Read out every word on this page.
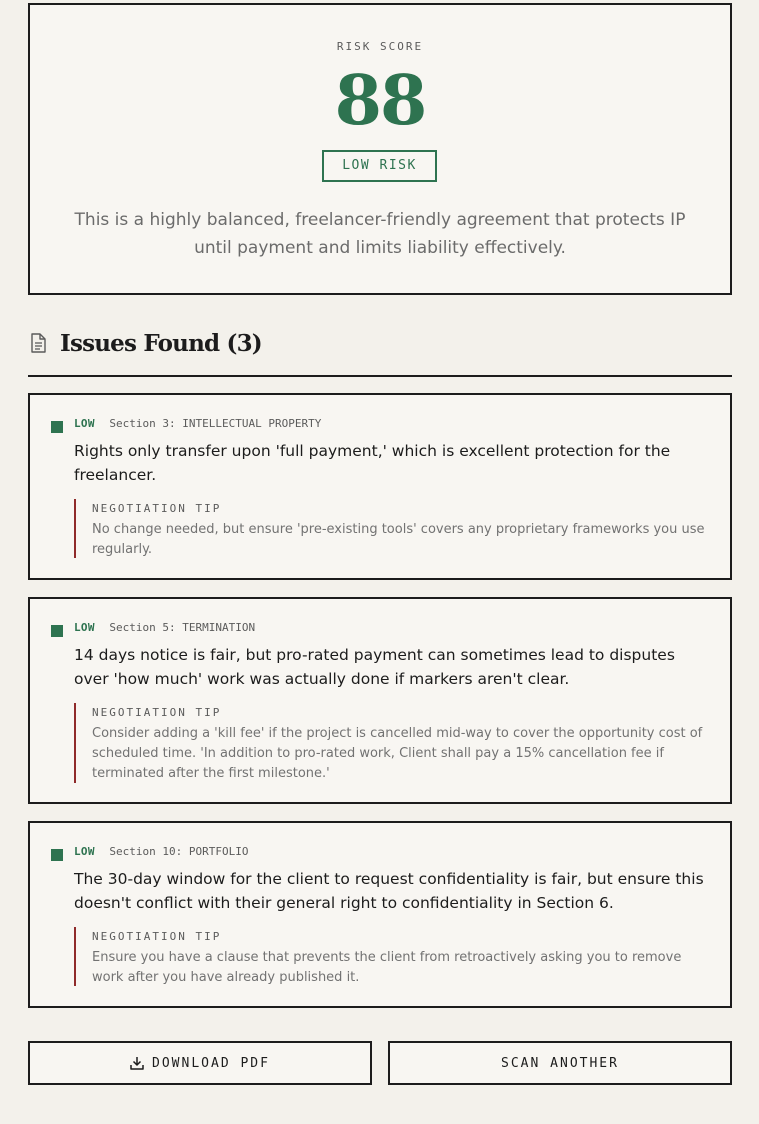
RISK SCORE
88
LOW RISK
This is a highly balanced, freelancer-friendly agreement that protects IP until payment and limits liability effectively.
Issues Found (3)
LOW Section 3: INTELLECTUAL PROPERTY
Rights only transfer upon 'full payment,' which is excellent protection for the freelancer.
NEGOTIATION TIP
No change needed, but ensure 'pre-existing tools' covers any proprietary frameworks you use regularly.
LOW Section 5: TERMINATION
14 days notice is fair, but pro-rated payment can sometimes lead to disputes over 'how much' work was actually done if markers aren't clear.
NEGOTIATION TIP
Consider adding a 'kill fee' if the project is cancelled mid-way to cover the opportunity cost of scheduled time. 'In addition to pro-rated work, Client shall pay a 15% cancellation fee if terminated after the first milestone.'
LOW Section 10: PORTFOLIO
The 30-day window for the client to request confidentiality is fair, but ensure this doesn't conflict with their general right to confidentiality in Section 6.
NEGOTIATION TIP
Ensure you have a clause that prevents the client from retroactively asking you to remove work after you have already published it.
DOWNLOAD PDF	SCAN ANOTHER
